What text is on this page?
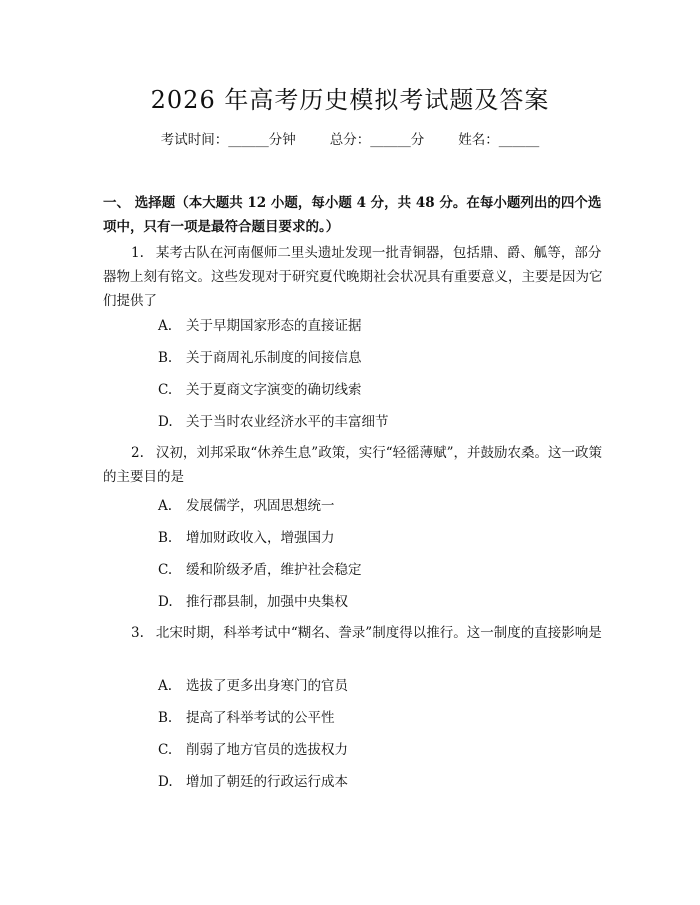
2026 年高考历史模拟考试题及答案
考试时间：______分钟	总分：______分	姓名：______
一、 选择题（本大题共 12 小题，每小题 4 分，共 48 分。在每小题列出的四个选项中，只有一项是最符合题目要求的。）
1. 某考古队在河南偃师二里头遗址发现一批青铜器，包括鼎、爵、觚等，部分器物上刻有铭文。这些发现对于研究夏代晚期社会状况具有重要意义，主要是因为它们提供了
A. 关于早期国家形态的直接证据
B. 关于商周礼乐制度的间接信息
C. 关于夏商文字演变的确切线索
D. 关于当时农业经济水平的丰富细节
2. 汉初，刘邦采取“休养生息”政策，实行“轻徭薄赋”，并鼓励农桑。这一政策的主要目的是
A. 发展儒学，巩固思想统一
B. 增加财政收入，增强国力
C. 缓和阶级矛盾，维护社会稳定
D. 推行郡县制，加强中央集权
3. 北宋时期，科举考试中“糊名、誊录”制度得以推行。这一制度的直接影响是
A. 选拔了更多出身寒门的官员
B. 提高了科举考试的公平性
C. 削弱了地方官员的选拔权力
D. 增加了朝廷的行政运行成本
